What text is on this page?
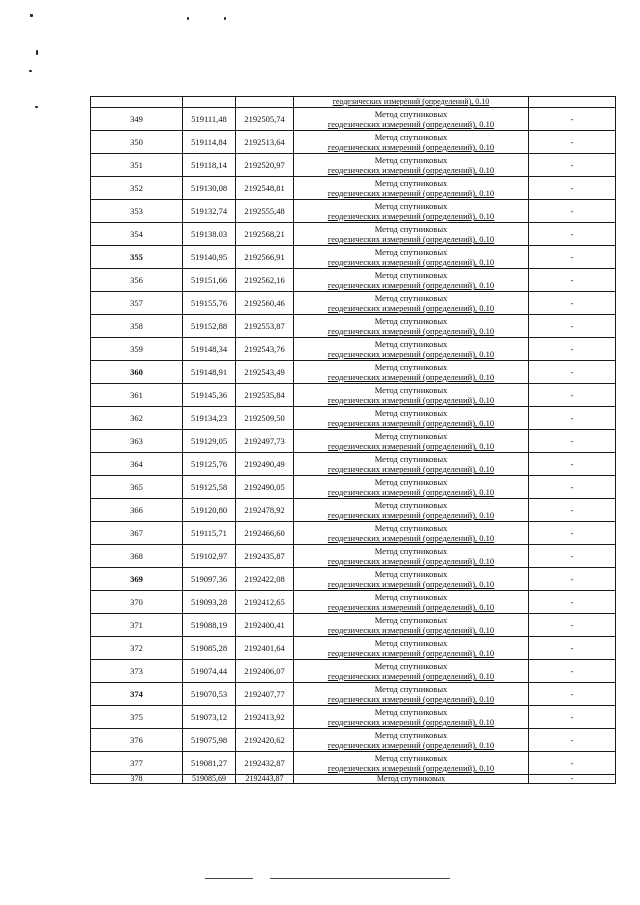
			геодезических измерений (определений), 0.10	

349	519111,48	2192505,74	Метод спутниковых
геодезических измерений (определений), 0.10	-
350	519114,84	2192513,64	Метод спутниковых
геодезических измерений (определений), 0.10	-
351	519118,14	2192520,97	Метод спутниковых
геодезических измерений (определений), 0.10	-
352	519130,08	2192548,81	Метод спутниковых
геодезических измерений (определений), 0.10	-
353	519132,74	2192555,48	Метод спутниковых
геодезических измерений (определений), 0.10	-
354	519138.03	2192568,21	Метод спутниковых
геодезических измерений (определений), 0.10	-
355	519140,95	2192566,91	Метод спутниковых
геодезических измерений (определений), 0.10	-
356	519151,66	2192562,16	Метод спутниковых
геодезических измерений (определений), 0.10	-
357	519155,76	2192560,46	Метод спутниковых
геодезических измерений (определений), 0.10	-
358	519152,88	2192553,87	Метод спутниковых
геодезических измерений (определений), 0.10	-
359	519148,34	2192543,76	Метод спутниковых
геодезических измерений (определений), 0.10	-
360	519148,91	2192543,49	Метод спутниковых
геодезических измерений (определений), 0.10	-
361	519145,36	2192535,84	Метод спутниковых
геодезических измерений (определений), 0.10	-
362	519134,23	2192509,50	Метод спутниковых
геодезических измерений (определений), 0.10	-
363	519129,05	2192497,73	Метод спутниковых
геодезических измерений (определений), 0.10	-
364	519125,76	2192490,49	Метод спутниковых
геодезических измерений (определений), 0.10	-
365	519125,58	2192490,05	Метод спутниковых
геодезических измерений (определений), 0.10	-
366	519120,80	2192478,92	Метод спутниковых
геодезических измерений (определений), 0.10	-
367	519115,71	2192466,60	Метод спутниковых
геодезических измерений (определений), 0.10	-
368	519102,97	2192435,87	Метод спутниковых
геодезических измерений (определений), 0.10	-
369	519097,36	2192422,08	Метод спутниковых
геодезических измерений (определений), 0.10	-
370	519093,28	2192412,65	Метод спутниковых
геодезических измерений (определений), 0.10	-
371	519088,19	2192400,41	Метод спутниковых
геодезических измерений (определений), 0.10	-
372	519085,28	2192401,64	Метод спутниковых
геодезических измерений (определений), 0.10	-
373	519074,44	2192406,07	Метод спутниковых
геодезических измерений (определений), 0.10	-
374	519070,53	2192407,77	Метод спутниковых
геодезических измерений (определений), 0.10	-
375	519073,12	2192413,92	Метод спутниковых
геодезических измерений (определений), 0.10	-
376	519075,98	2192420,62	Метод спутниковых
геодезических измерений (определений), 0.10	-
377	519081,27	2192432,87	Метод спутниковых
геодезических измерений (определений), 0.10	-
378	519085,69	2192443,87	Метод спутниковых	-
